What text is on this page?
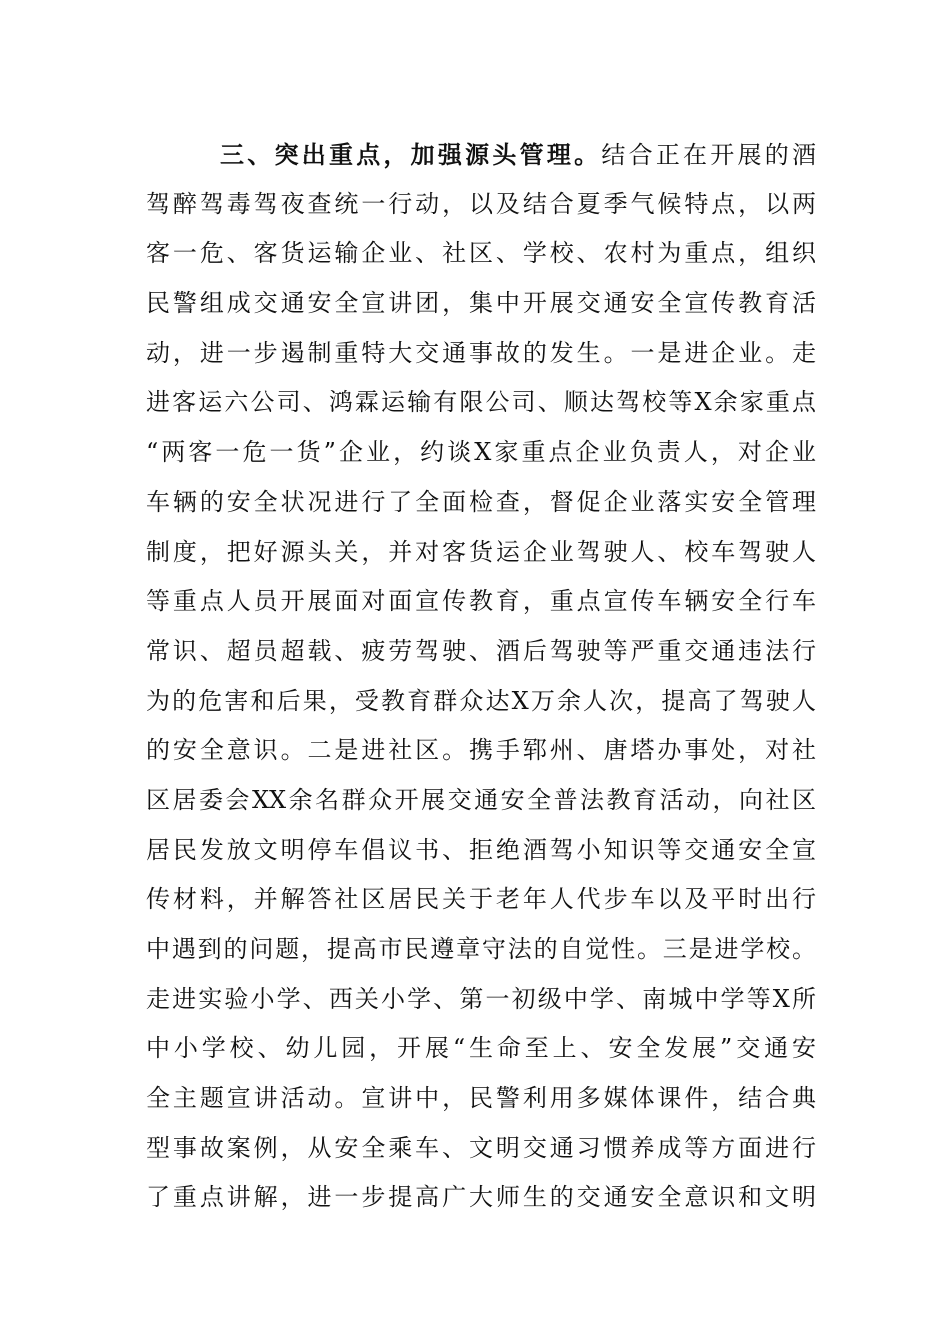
三、突出重点，加强源头管理。结合正在开展的酒
驾醉驾毒驾夜查统一行动，以及结合夏季气候特点，以两
客一危、客货运输企业、社区、学校、农村为重点，组织
民警组成交通安全宣讲团，集中开展交通安全宣传教育活
动，进一步遏制重特大交通事故的发生。一是进企业。走
进客运六公司、鸿霖运输有限公司、顺达驾校等X余家重点
“两客一危一货”企业，约谈X家重点企业负责人，对企业
车辆的安全状况进行了全面检查，督促企业落实安全管理
制度，把好源头关，并对客货运企业驾驶人、校车驾驶人
等重点人员开展面对面宣传教育，重点宣传车辆安全行车
常识、超员超载、疲劳驾驶、酒后驾驶等严重交通违法行
为的危害和后果，受教育群众达X万余人次，提高了驾驶人
的安全意识。二是进社区。携手郓州、唐塔办事处，对社
区居委会XX余名群众开展交通安全普法教育活动，向社区
居民发放文明停车倡议书、拒绝酒驾小知识等交通安全宣
传材料，并解答社区居民关于老年人代步车以及平时出行
中遇到的问题，提高市民遵章守法的自觉性。三是进学校。
走进实验小学、西关小学、第一初级中学、南城中学等X所
中小学校、幼儿园，开展“生命至上、安全发展”交通安
全主题宣讲活动。宣讲中，民警利用多媒体课件，结合典
型事故案例，从安全乘车、文明交通习惯养成等方面进行
了重点讲解，进一步提高广大师生的交通安全意识和文明
